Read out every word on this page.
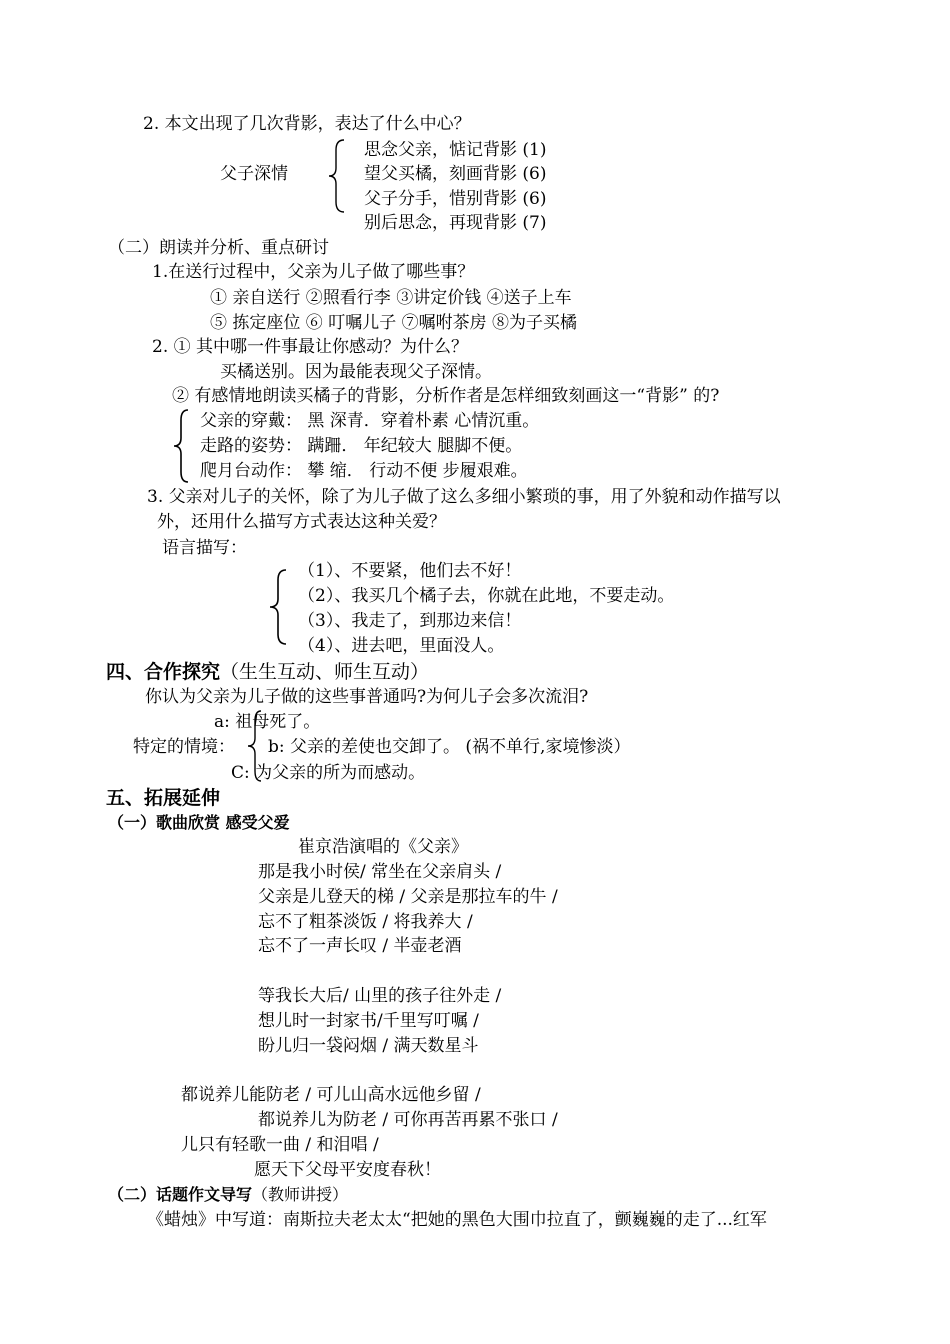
2. 本文出现了几次背影，表达了什么中心？
父子深情
思念父亲，惦记背影 (1)
望父买橘，刻画背影 (6)
父子分手，惜别背影 (6)
别后思念，再现背影 (7)
（二）朗读并分析、重点研讨
1.在送行过程中，父亲为儿子做了哪些事？
① 亲自送行 ②照看行李 ③讲定价钱 ④送子上车
⑤ 拣定座位 ⑥ 叮嘱儿子 ⑦嘱咐茶房 ⑧为子买橘
2. ① 其中哪一件事最让你感动？为什么？
买橘送别。因为最能表现父子深情。
② 有感情地朗读买橘子的背影，分析作者是怎样细致刻画这一“背影” 的?
父亲的穿戴： 黑 深青．穿着朴素 心情沉重。
走路的姿势： 蹒跚． 年纪较大 腿脚不便。
爬月台动作： 攀 缩． 行动不便 步履艰难。
3. 父亲对儿子的关怀，除了为儿子做了这么多细小繁琐的事，用了外貌和动作描写以
外，还用什么描写方式表达这种关爱？
语言描写：
（1）、不要紧，他们去不好！
（2）、我买几个橘子去，你就在此地，不要走动。
（3）、我走了，到那边来信！
（4）、进去吧，里面没人。
四、合作探究（生生互动、师生互动）
你认为父亲为儿子做的这些事普通吗?为何儿子会多次流泪?
特定的情境：
a: 祖母死了。
b: 父亲的差使也交卸了。 (祸不单行,家境惨淡）
C: 为父亲的所为而感动。
五、拓展延伸
（一）歌曲欣赏 感受父爱
崔京浩演唱的《父亲》
那是我小时侯/ 常坐在父亲肩头 /
父亲是儿登天的梯 / 父亲是那拉车的牛 /
忘不了粗茶淡饭 / 将我养大 /
忘不了一声长叹 / 半壶老酒
等我长大后/ 山里的孩子往外走 /
想儿时一封家书/千里写叮嘱 /
盼儿归一袋闷烟 / 满天数星斗
都说养儿能防老 / 可儿山高水远他乡留 /
都说养儿为防老 / 可你再苦再累不张口 /
儿只有轻歌一曲 / 和泪唱 /
愿天下父母平安度春秋！
（二）话题作文导写（教师讲授）
《蜡烛》中写道：南斯拉夫老太太“把她的黑色大围巾拉直了，颤巍巍的走了...红军
